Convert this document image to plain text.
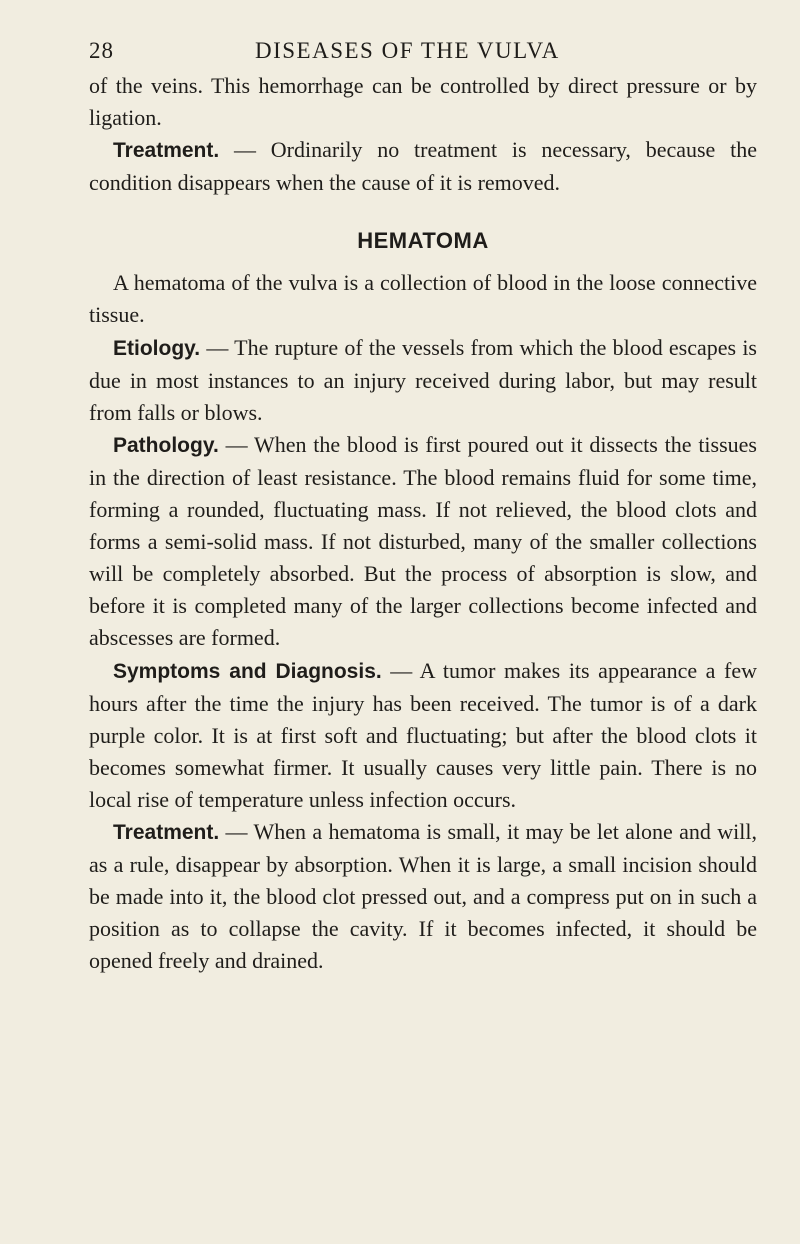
28	DISEASES OF THE VULVA

of the veins. This hemorrhage can be controlled by direct pressure or by ligation.

Treatment. — Ordinarily no treatment is necessary, because the condition disappears when the cause of it is removed.

HEMATOMA

A hematoma of the vulva is a collection of blood in the loose connective tissue.

Etiology. — The rupture of the vessels from which the blood escapes is due in most instances to an injury received during labor, but may result from falls or blows.

Pathology. — When the blood is first poured out it dissects the tissues in the direction of least resistance. The blood remains fluid for some time, forming a rounded, fluctuating mass. If not relieved, the blood clots and forms a semi-solid mass. If not disturbed, many of the smaller collections will be completely absorbed. But the process of absorption is slow, and before it is completed many of the larger collections become infected and abscesses are formed.

Symptoms and Diagnosis. — A tumor makes its appearance a few hours after the time the injury has been received. The tumor is of a dark purple color. It is at first soft and fluctuating; but after the blood clots it becomes somewhat firmer. It usually causes very little pain. There is no local rise of temperature unless infection occurs.

Treatment. — When a hematoma is small, it may be let alone and will, as a rule, disappear by absorption. When it is large, a small incision should be made into it, the blood clot pressed out, and a compress put on in such a position as to collapse the cavity. If it becomes infected, it should be opened freely and drained.
